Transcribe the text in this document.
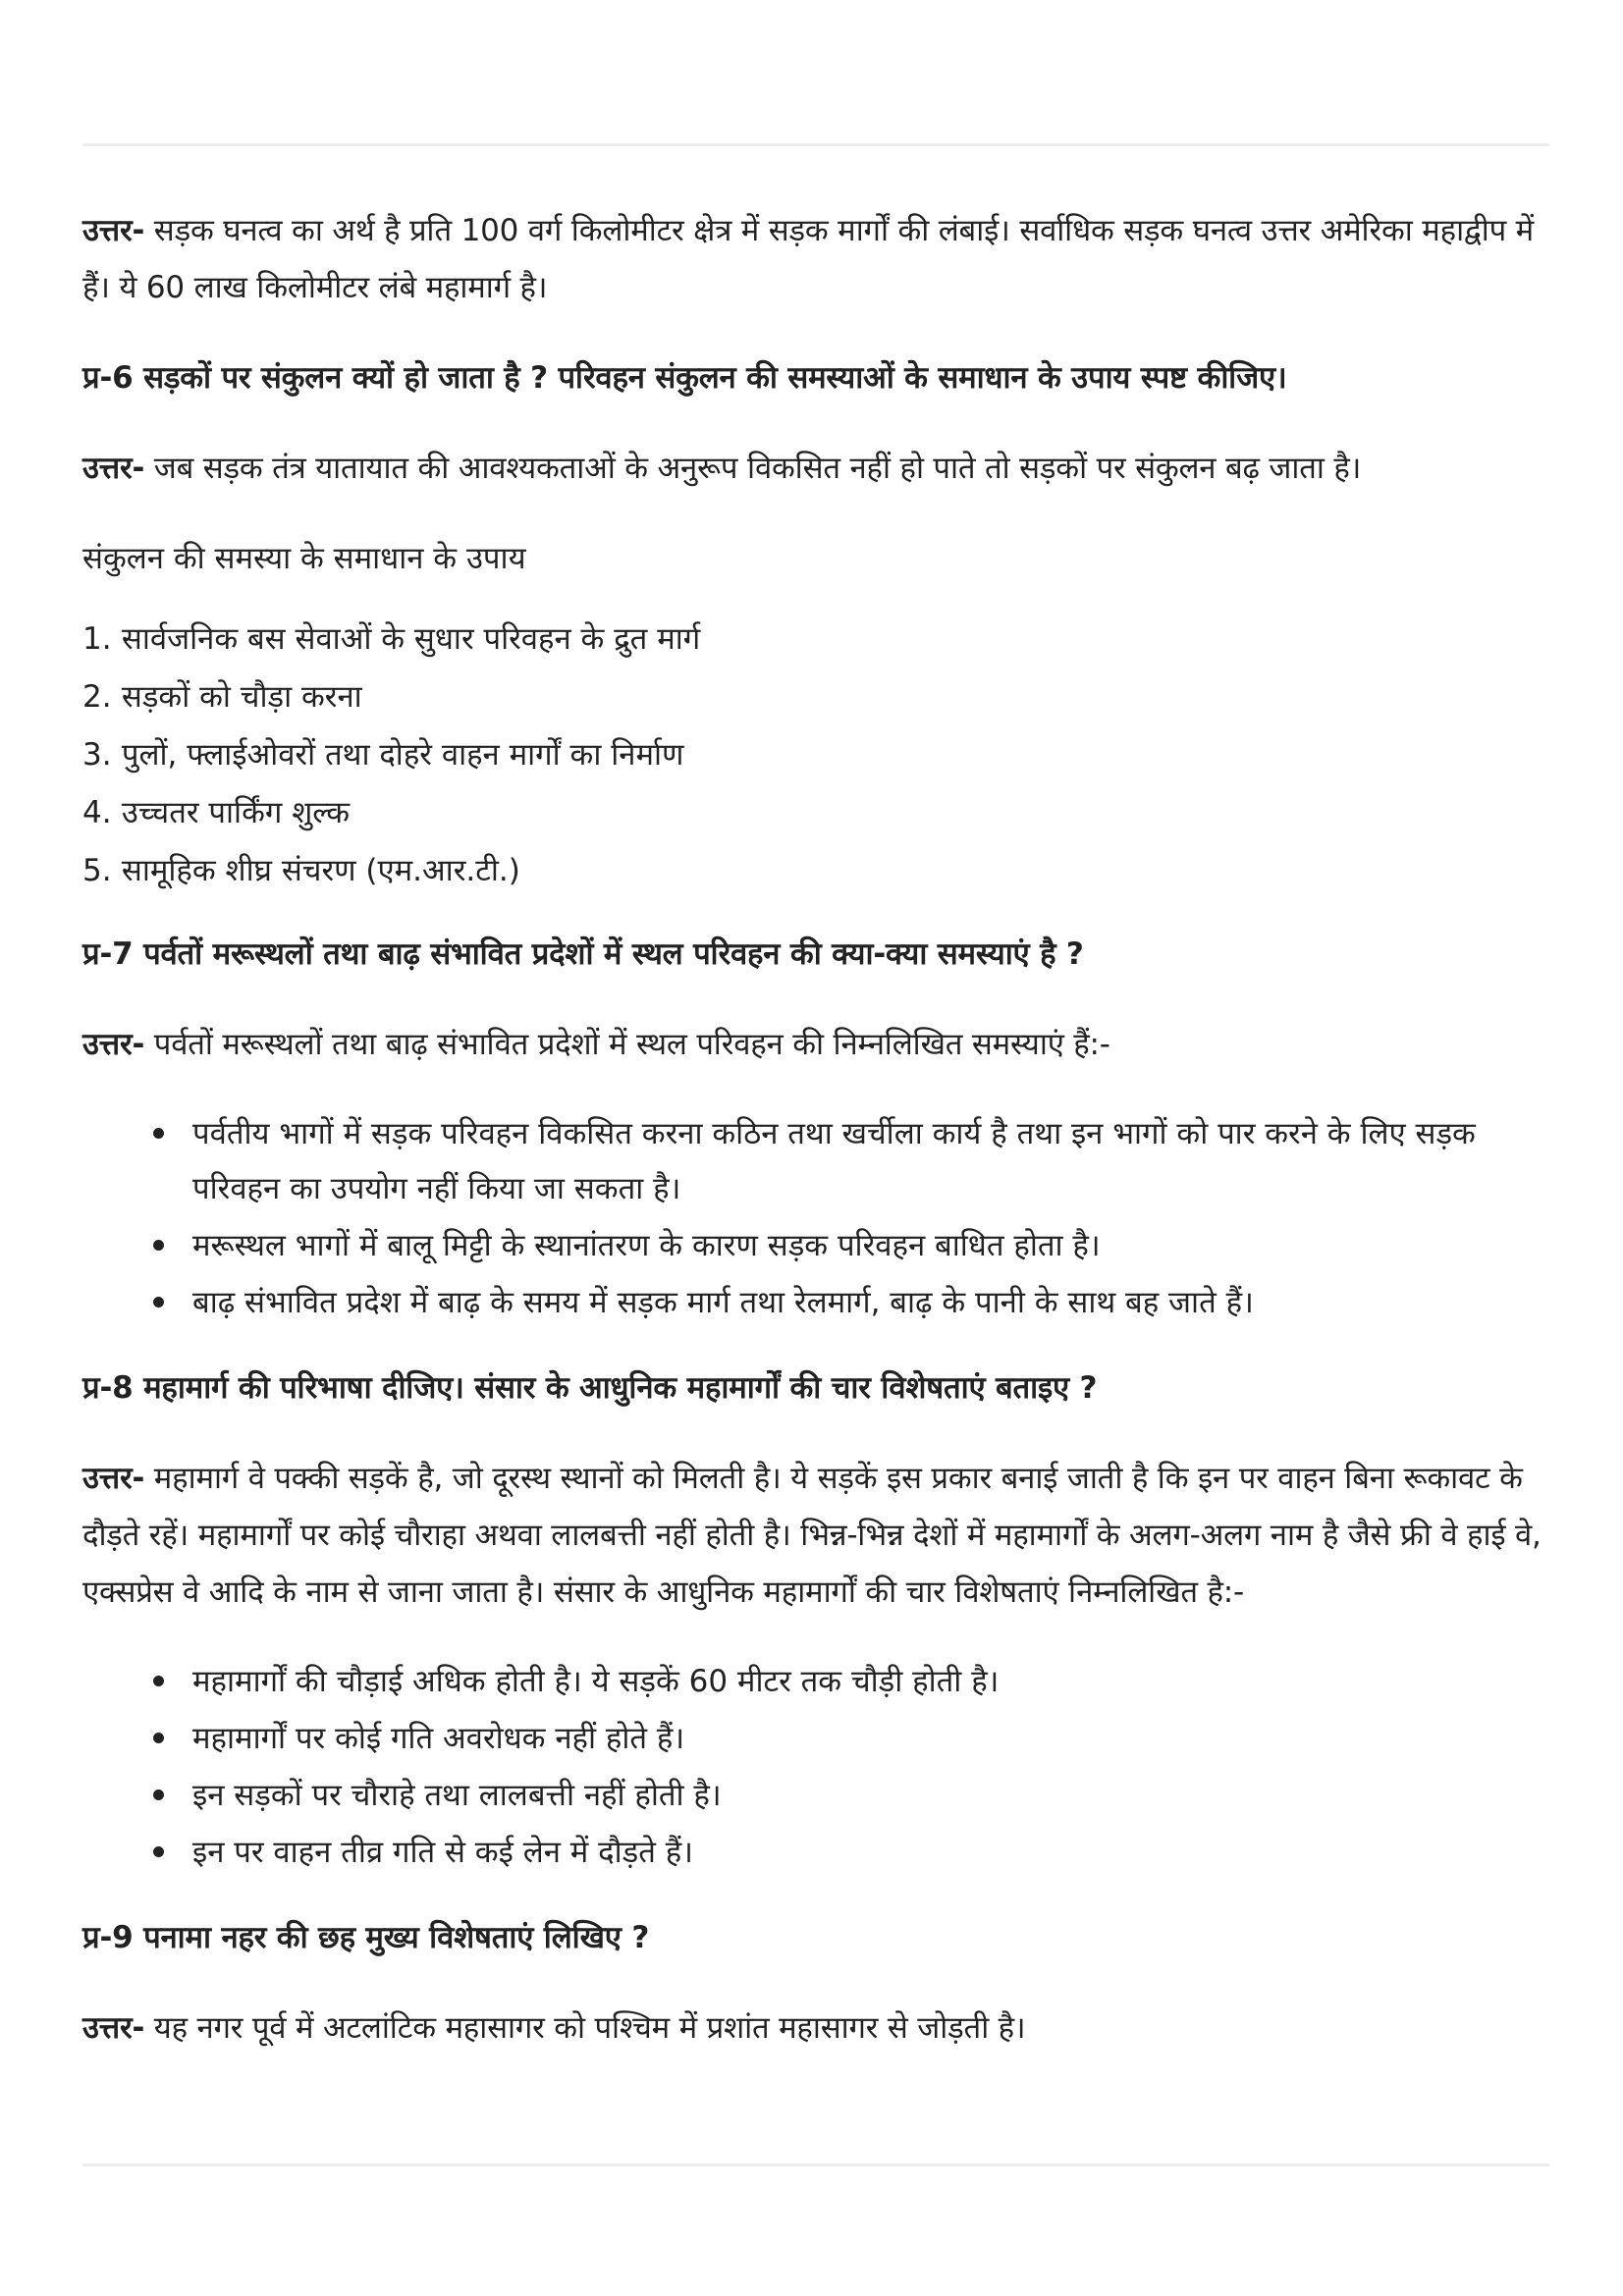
उत्तर- सड़क घनत्व का अर्थ है प्रति 100 वर्ग किलोमीटर क्षेत्र में सड़क मार्गों की लंबाई। सर्वाधिक सड़क घनत्व उत्तर अमेरिका महाद्वीप में हैं। ये 60 लाख किलोमीटर लंबे महामार्ग है।

प्र-6 सड़कों पर संकुलन क्यों हो जाता है ? परिवहन संकुलन की समस्याओं के समाधान के उपाय स्पष्ट कीजिए।

उत्तर- जब सड़क तंत्र यातायात की आवश्यकताओं के अनुरूप विकसित नहीं हो पाते तो सड़कों पर संकुलन बढ़ जाता है।

संकुलन की समस्या के समाधान के उपाय

1. सार्वजनिक बस सेवाओं के सुधार परिवहन के द्रुत मार्ग
2. सड़कों को चौड़ा करना
3. पुलों, फ्लाईओवरों तथा दोहरे वाहन मार्गों का निर्माण
4. उच्चतर पार्किंग शुल्क
5. सामूहिक शीघ्र संचरण (एम.आर.टी.)

प्र-7 पर्वतों मरूस्थलों तथा बाढ़ संभावित प्रदेशों में स्थल परिवहन की क्या-क्या समस्याएं है ?

उत्तर- पर्वतों मरूस्थलों तथा बाढ़ संभावित प्रदेशों में स्थल परिवहन की निम्नलिखित समस्याएं हैं:-

पर्वतीय भागों में सड़क परिवहन विकसित करना कठिन तथा खर्चीला कार्य है तथा इन भागों को पार करने के लिए सड़क परिवहन का उपयोग नहीं किया जा सकता है।
मरूस्थल भागों में बालू मिट्टी के स्थानांतरण के कारण सड़क परिवहन बाधित होता है।
बाढ़ संभावित प्रदेश में बाढ़ के समय में सड़क मार्ग तथा रेलमार्ग, बाढ़ के पानी के साथ बह जाते हैं।

प्र-8 महामार्ग की परिभाषा दीजिए। संसार के आधुनिक महामार्गों की चार विशेषताएं बताइए ?

उत्तर- महामार्ग वे पक्की सड़कें है, जो दूरस्थ स्थानों को मिलती है। ये सड़कें इस प्रकार बनाई जाती है कि इन पर वाहन बिना रूकावट के दौड़ते रहें। महामार्गों पर कोई चौराहा अथवा लालबत्ती नहीं होती है। भिन्न-भिन्न देशों में महामार्गों के अलग-अलग नाम है जैसे फ्री वे हाई वे, एक्सप्रेस वे आदि के नाम से जाना जाता है। संसार के आधुनिक महामार्गों की चार विशेषताएं निम्नलिखित है:-

महामार्गों की चौड़ाई अधिक होती है। ये सड़कें 60 मीटर तक चौड़ी होती है।
महामार्गों पर कोई गति अवरोधक नहीं होते हैं।
इन सड़कों पर चौराहे तथा लालबत्ती नहीं होती है।
इन पर वाहन तीव्र गति से कई लेन में दौड़ते हैं।

प्र-9 पनामा नहर की छह मुख्य विशेषताएं लिखिए ?

उत्तर- यह नगर पूर्व में अटलांटिक महासागर को पश्चिम में प्रशांत महासागर से जोड़ती है।
